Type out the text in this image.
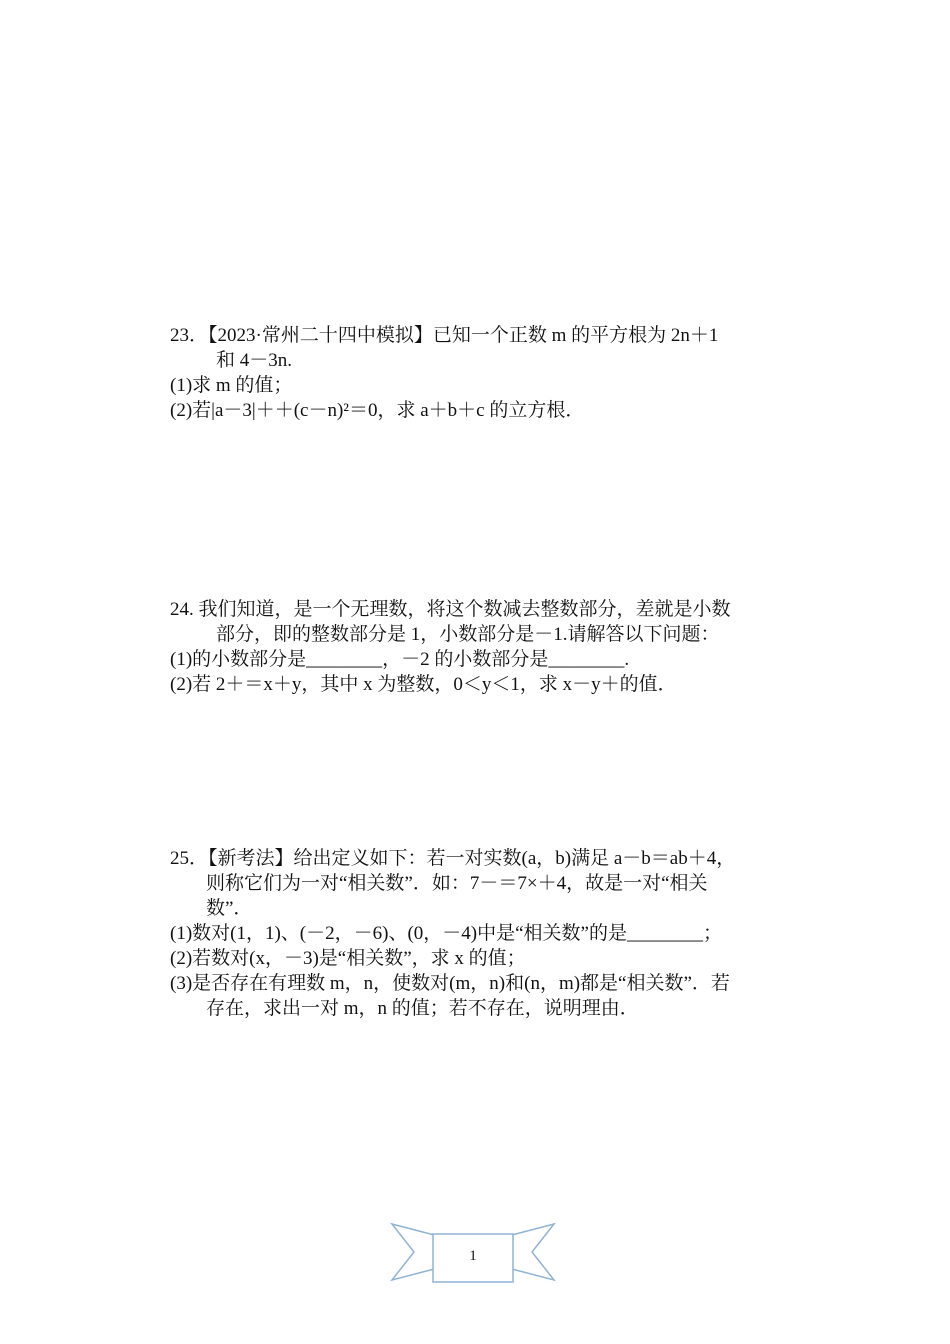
23．【2023·常州二十四中模拟】已知一个正数 m 的平方根为 2n＋1
和 4－3n.
(1)求 m 的值；
(2)若|a－3|＋＋(c－n)²＝0，求 a＋b＋c 的立方根．
24. 我们知道，是一个无理数，将这个数减去整数部分，差就是小数
部分，即的整数部分是 1，小数部分是－1.请解答以下问题：
(1)的小数部分是________，－2 的小数部分是________.
(2)若 2＋＝x＋y，其中 x 为整数，0＜y＜1，求 x－y＋的值．
25．【新考法】给出定义如下：若一对实数(a，b)满足 a－b＝ab＋4，
则称它们为一对“相关数”．如：7－＝7×＋4，故是一对“相关
数”．
(1)数对(1，1)、(－2，－6)、(0，－4)中是“相关数”的是________；
(2)若数对(x，－3)是“相关数”，求 x 的值；
(3)是否存在有理数 m，n，使数对(m，n)和(n，m)都是“相关数”．若
存在，求出一对 m，n 的值；若不存在，说明理由．
1
